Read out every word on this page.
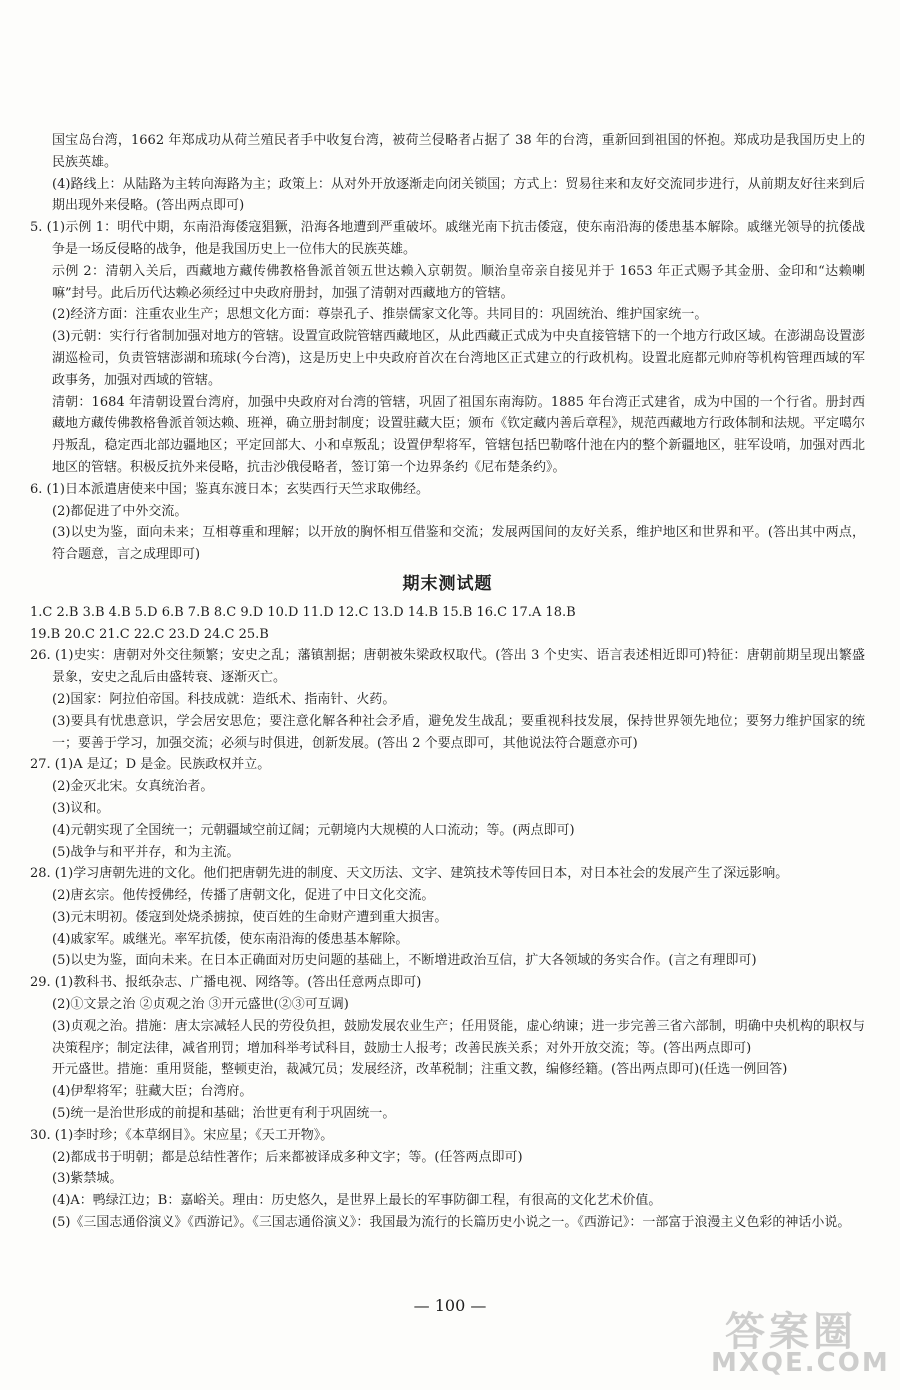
国宝岛台湾，1662 年郑成功从荷兰殖民者手中收复台湾，被荷兰侵略者占据了 38 年的台湾，重新回到祖国的怀抱。郑成功是我国历史上的民族英雄。

(4)路线上：从陆路为主转向海路为主；政策上：从对外开放逐渐走向闭关锁国；方式上：贸易往来和友好交流同步进行，从前期友好往来到后期出现外来侵略。(答出两点即可)

5. (1)示例 1：明代中期，东南沿海倭寇猖獗，沿海各地遭到严重破坏。戚继光南下抗击倭寇，使东南沿海的倭患基本解除。戚继光领导的抗倭战争是一场反侵略的战争，他是我国历史上一位伟大的民族英雄。

示例 2：清朝入关后，西藏地方藏传佛教格鲁派首领五世达赖入京朝贺。顺治皇帝亲自接见并于 1653 年正式赐予其金册、金印和“达赖喇嘛”封号。此后历代达赖必须经过中央政府册封，加强了清朝对西藏地方的管辖。

(2)经济方面：注重农业生产；思想文化方面：尊崇孔子、推崇儒家文化等。共同目的：巩固统治、维护国家统一。

(3)元朝：实行行省制加强对地方的管辖。设置宣政院管辖西藏地区，从此西藏正式成为中央直接管辖下的一个地方行政区域。在澎湖岛设置澎湖巡检司，负责管辖澎湖和琉球(今台湾)，这是历史上中央政府首次在台湾地区正式建立的行政机构。设置北庭都元帅府等机构管理西域的军政事务，加强对西域的管辖。

清朝：1684 年清朝设置台湾府，加强中央政府对台湾的管辖，巩固了祖国东南海防。1885 年台湾正式建省，成为中国的一个行省。册封西藏地方藏传佛教格鲁派首领达赖、班禅，确立册封制度；设置驻藏大臣；颁布《钦定藏内善后章程》，规范西藏地方行政体制和法规。平定噶尔丹叛乱，稳定西北部边疆地区；平定回部大、小和卓叛乱；设置伊犁将军，管辖包括巴勒喀什池在内的整个新疆地区，驻军设哨，加强对西北地区的管辖。积极反抗外来侵略，抗击沙俄侵略者，签订第一个边界条约《尼布楚条约》。

6. (1)日本派遣唐使来中国；鉴真东渡日本；玄奘西行天竺求取佛经。

(2)都促进了中外交流。

(3)以史为鉴，面向未来；互相尊重和理解；以开放的胸怀相互借鉴和交流；发展两国间的友好关系，维护地区和世界和平。(答出其中两点，符合题意，言之成理即可)

期末测试题

1.C 2.B 3.B 4.B 5.D 6.B 7.B 8.C 9.D 10.D 11.D 12.C 13.D 14.B 15.B 16.C 17.A 18.B

19.B 20.C 21.C 22.C 23.D 24.C 25.B

26. (1)史实：唐朝对外交往频繁；安史之乱；藩镇割据；唐朝被朱梁政权取代。(答出 3 个史实、语言表述相近即可)特征：唐朝前期呈现出繁盛景象，安史之乱后由盛转衰、逐渐灭亡。

(2)国家：阿拉伯帝国。科技成就：造纸术、指南针、火药。

(3)要具有忧患意识，学会居安思危；要注意化解各种社会矛盾，避免发生战乱；要重视科技发展，保持世界领先地位；要努力维护国家的统一；要善于学习，加强交流；必须与时俱进，创新发展。(答出 2 个要点即可，其他说法符合题意亦可)

27. (1)A 是辽；D 是金。民族政权并立。

(2)金灭北宋。女真统治者。

(3)议和。

(4)元朝实现了全国统一；元朝疆域空前辽阔；元朝境内大规模的人口流动；等。(两点即可)

(5)战争与和平并存，和为主流。

28. (1)学习唐朝先进的文化。他们把唐朝先进的制度、天文历法、文字、建筑技术等传回日本，对日本社会的发展产生了深远影响。

(2)唐玄宗。他传授佛经，传播了唐朝文化，促进了中日文化交流。

(3)元末明初。倭寇到处烧杀掳掠，使百姓的生命财产遭到重大损害。

(4)戚家军。戚继光。率军抗倭，使东南沿海的倭患基本解除。

(5)以史为鉴，面向未来。在日本正确面对历史问题的基础上，不断增进政治互信，扩大各领域的务实合作。(言之有理即可)

29. (1)教科书、报纸杂志、广播电视、网络等。(答出任意两点即可)

(2)①文景之治 ②贞观之治 ③开元盛世(②③可互调)

(3)贞观之治。措施：唐太宗减轻人民的劳役负担，鼓励发展农业生产；任用贤能，虚心纳谏；进一步完善三省六部制，明确中央机构的职权与决策程序；制定法律，减省刑罚；增加科举考试科目，鼓励士人报考；改善民族关系；对外开放交流；等。(答出两点即可)

开元盛世。措施：重用贤能，整顿吏治，裁减冗员；发展经济，改革税制；注重文教，编修经籍。(答出两点即可)(任选一例回答)

(4)伊犁将军；驻藏大臣；台湾府。

(5)统一是治世形成的前提和基础；治世更有利于巩固统一。

30. (1)李时珍；《本草纲目》。宋应星；《天工开物》。

(2)都成书于明朝；都是总结性著作；后来都被译成多种文字；等。(任答两点即可)

(3)紫禁城。

(4)A：鸭绿江边；B：嘉峪关。理由：历史悠久，是世界上最长的军事防御工程，有很高的文化艺术价值。

(5)《三国志通俗演义》《西游记》。《三国志通俗演义》：我国最为流行的长篇历史小说之一。《西游记》：一部富于浪漫主义色彩的神话小说。

— 100 —
答案圈
MXQE.COM
